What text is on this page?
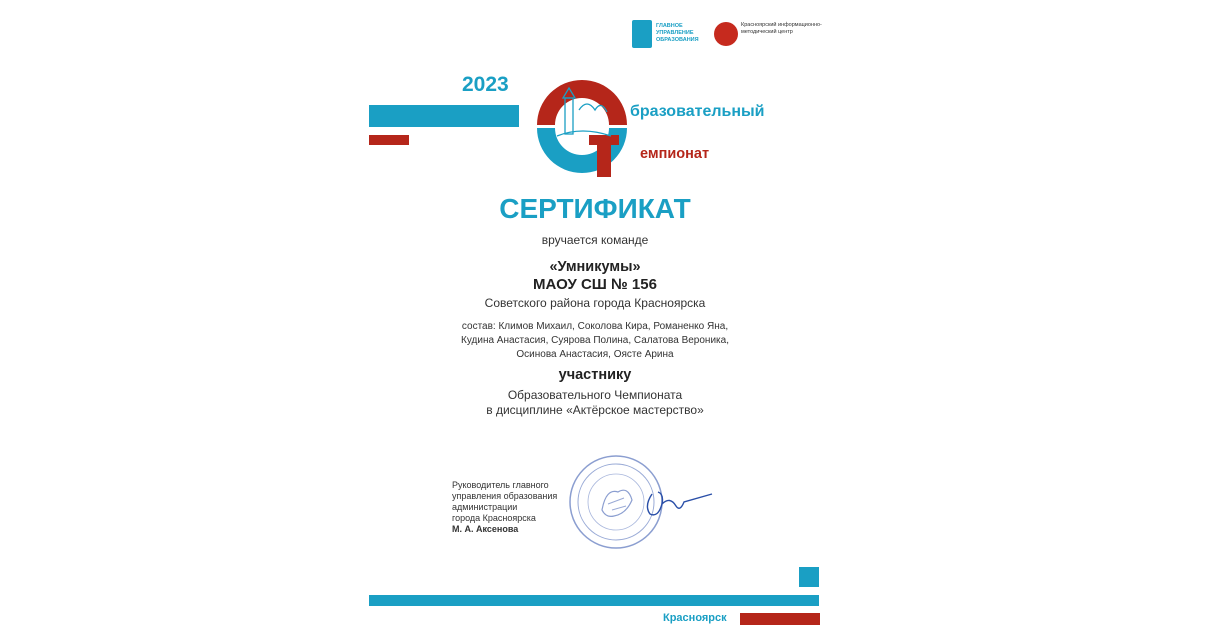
ГЛАВНОЕ УПРАВЛЕНИЕ ОБРАЗОВАНИЯ
Красноярский информационно-методический центр
2023
бразовательный
емпионат
СЕРТИФИКАТ
вручается команде
«Умникумы»
МАОУ СШ № 156
Советского района города Красноярска
состав: Климов Михаил, Соколова Кира, Романенко Яна,
Кудина Анастасия, Суярова Полина, Салатова Вероника,
Осинова Анастасия, Оясте Арина
участнику
Образовательного Чемпионата
в дисциплине «Актёрское мастерство»
Руководитель главного
управления образования
администрации
города Красноярска
М. А. Аксенова
Красноярск
